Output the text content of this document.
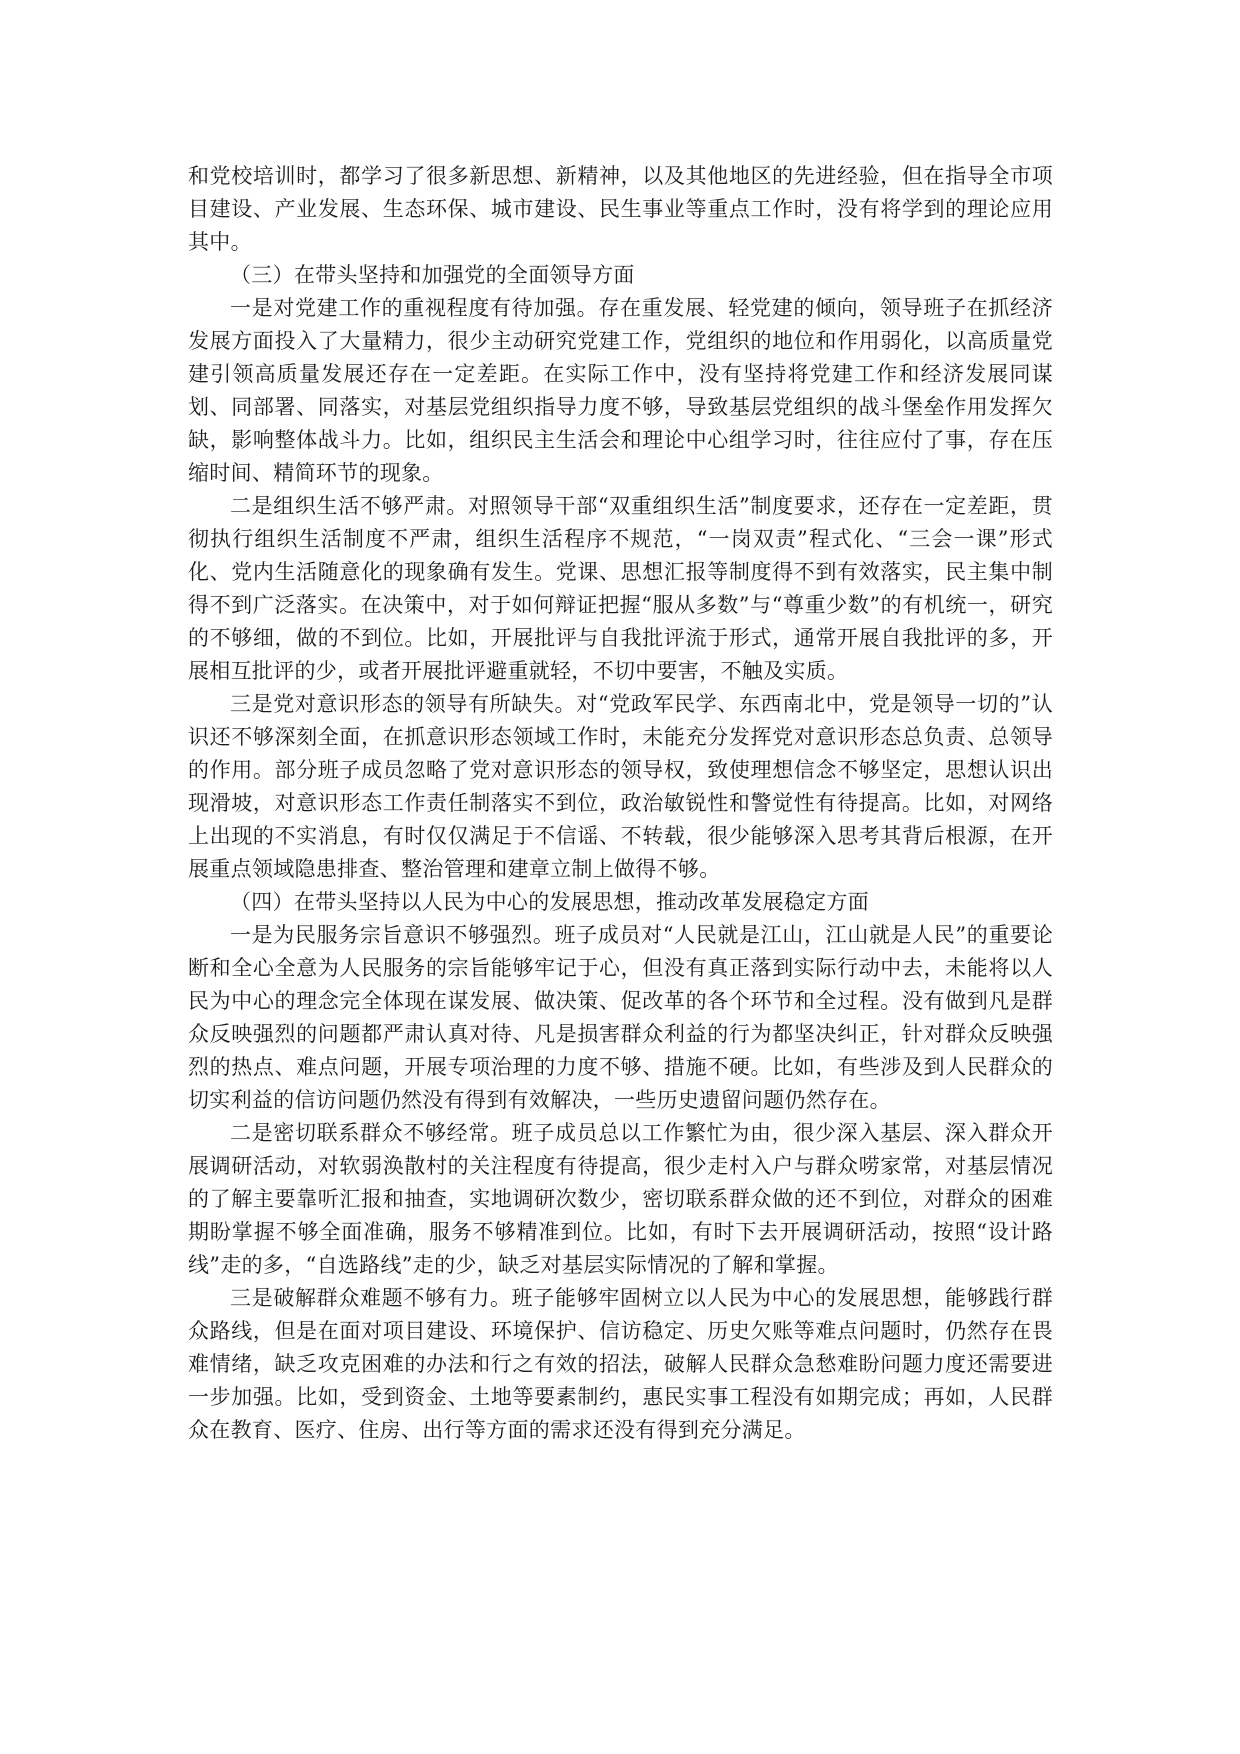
和党校培训时，都学习了很多新思想、新精神，以及其他地区的先进经验，但在指导全市项目建设、产业发展、生态环保、城市建设、民生事业等重点工作时，没有将学到的理论应用其中。

（三）在带头坚持和加强党的全面领导方面

一是对党建工作的重视程度有待加强。存在重发展、轻党建的倾向，领导班子在抓经济发展方面投入了大量精力，很少主动研究党建工作，党组织的地位和作用弱化，以高质量党建引领高质量发展还存在一定差距。在实际工作中，没有坚持将党建工作和经济发展同谋划、同部署、同落实，对基层党组织指导力度不够，导致基层党组织的战斗堡垒作用发挥欠缺，影响整体战斗力。比如，组织民主生活会和理论中心组学习时，往往应付了事，存在压缩时间、精简环节的现象。

二是组织生活不够严肃。对照领导干部“双重组织生活”制度要求，还存在一定差距，贯彻执行组织生活制度不严肃，组织生活程序不规范，“一岗双责”程式化、“三会一课”形式化、党内生活随意化的现象确有发生。党课、思想汇报等制度得不到有效落实，民主集中制得不到广泛落实。在决策中，对于如何辩证把握“服从多数”与“尊重少数”的有机统一，研究的不够细，做的不到位。比如，开展批评与自我批评流于形式，通常开展自我批评的多，开展相互批评的少，或者开展批评避重就轻，不切中要害，不触及实质。

三是党对意识形态的领导有所缺失。对“党政军民学、东西南北中，党是领导一切的”认识还不够深刻全面，在抓意识形态领域工作时，未能充分发挥党对意识形态总负责、总领导的作用。部分班子成员忽略了党对意识形态的领导权，致使理想信念不够坚定，思想认识出现滑坡，对意识形态工作责任制落实不到位，政治敏锐性和警觉性有待提高。比如，对网络上出现的不实消息，有时仅仅满足于不信谣、不转载，很少能够深入思考其背后根源，在开展重点领域隐患排查、整治管理和建章立制上做得不够。

（四）在带头坚持以人民为中心的发展思想，推动改革发展稳定方面

一是为民服务宗旨意识不够强烈。班子成员对“人民就是江山，江山就是人民”的重要论断和全心全意为人民服务的宗旨能够牢记于心，但没有真正落到实际行动中去，未能将以人民为中心的理念完全体现在谋发展、做决策、促改革的各个环节和全过程。没有做到凡是群众反映强烈的问题都严肃认真对待、凡是损害群众利益的行为都坚决纠正，针对群众反映强烈的热点、难点问题，开展专项治理的力度不够、措施不硬。比如，有些涉及到人民群众的切实利益的信访问题仍然没有得到有效解决，一些历史遗留问题仍然存在。

二是密切联系群众不够经常。班子成员总以工作繁忙为由，很少深入基层、深入群众开展调研活动，对软弱涣散村的关注程度有待提高，很少走村入户与群众唠家常，对基层情况的了解主要靠听汇报和抽查，实地调研次数少，密切联系群众做的还不到位，对群众的困难期盼掌握不够全面准确，服务不够精准到位。比如，有时下去开展调研活动，按照“设计路线”走的多，“自选路线”走的少，缺乏对基层实际情况的了解和掌握。

三是破解群众难题不够有力。班子能够牢固树立以人民为中心的发展思想，能够践行群众路线，但是在面对项目建设、环境保护、信访稳定、历史欠账等难点问题时，仍然存在畏难情绪，缺乏攻克困难的办法和行之有效的招法，破解人民群众急愁难盼问题力度还需要进一步加强。比如，受到资金、土地等要素制约，惠民实事工程没有如期完成；再如，人民群众在教育、医疗、住房、出行等方面的需求还没有得到充分满足。
